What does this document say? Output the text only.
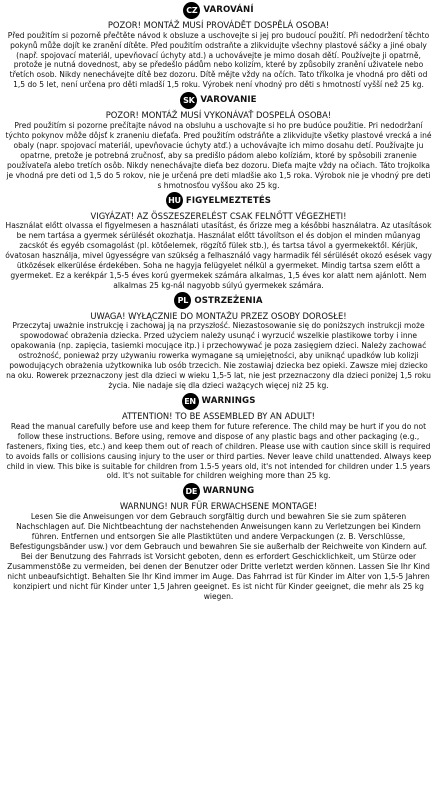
CZ VAROVÁNÍ
POZOR! MONTÁŽ MUSÍ PROVÁDĚT DOSPĚLÁ OSOBA!

Před použitím si pozorně přečtěte návod k obsluze a uschovejte si jej pro budoucí použití. Při nedodržení těchto pokynů může dojít ke zranění dítěte. Před použitím odstraňte a zlikvidujte všechny plastové sáčky a jiné obaly (např. spojovací materiál, upevňovací úchyty atd.) a uchovávejte je mimo dosah dětí. Používejte ji opatrně, protože je nutná dovednost, aby se předešlo pádům nebo kolizím, které by způsobily zranění uživatele nebo třetích osob. Nikdy nenechávejte dítě bez dozoru. Dítě mějte vždy na očích. Tato tříkolka je vhodná pro děti od 1,5 do 5 let, není určena pro děti mladší 1,5 roku. Výrobek není vhodný pro děti s hmotností vyšší než 25 kg.

SK VAROVANIE
POZOR! MONTÁŽ MUSÍ VYKONÁVAŤ DOSPELÁ OSOBA!

Pred použitím si pozorne prečítajte návod na obsluhu a uschovajte si ho pre budúce použitie. Pri nedodržaní týchto pokynov môže dôjsť k zraneniu dieťaťa. Pred použitím odstráňte a zlikvidujte všetky plastové vrecká a iné obaly (napr. spojovací materiál, upevňovacie úchyty atď.) a uchovávajte ich mimo dosahu detí. Používajte ju opatrne, pretože je potrebná zručnosť, aby sa predišlo pádom alebo kolíziám, ktoré by spôsobili zranenie používateľa alebo tretích osôb. Nikdy nenechávajte dieťa bez dozoru. Dieťa majte vždy na očiach. Táto trojkolka je vhodná pre deti od 1,5 do 5 rokov, nie je určená pre deti mladšie ako 1,5 roka. Výrobok nie je vhodný pre deti s hmotnosťou vyššou ako 25 kg.

HU FIGYELMEZTETÉS
VIGYÁZAT! AZ ÖSSZESZERELÉST CSAK FELNŐTT VÉGEZHETI!

Használat előtt olvassa el figyelmesen a használati utasítást, és őrizze meg a későbbi használatra. Az utasítások be nem tartása a gyermek sérülését okozhatja. Használat előtt távolítson el és dobjon el minden műanyag zacskót és egyéb csomagolást (pl. kötőelemek, rögzítő fülek stb.), és tartsa távol a gyermekektől. Kérjük, óvatosan használja, mivel ügyességre van szükség a felhasználó vagy harmadik fél sérülését okozó esések vagy ütközések elkerülése érdekében. Soha ne hagyja felügyelet nélkül a gyermeket. Mindig tartsa szem előtt a gyermeket. Ez a kerékpár 1,5-5 éves korú gyermekek számára alkalmas, 1,5 éves kor alatt nem ajánlott. Nem alkalmas 25 kg-nál nagyobb súlyú gyermekek számára.

PL OSTRZEŻENIA
UWAGA! WYŁĄCZNIE DO MONTAŻU PRZEZ OSOBY DOROSŁE!

Przeczytaj uważnie instrukcję i zachowaj ją na przyszłość. Niezastosowanie się do poniższych instrukcji może spowodować obrażenia dziecka. Przed użyciem należy usunąć i wyrzucić wszelkie plastikowe torby i inne opakowania (np. zapięcia, tasiemki mocujące itp.) i przechowywać je poza zasięgiem dzieci. Należy zachować ostrożność, ponieważ przy używaniu rowerka wymagane są umiejętności, aby uniknąć upadków lub kolizji powodujących obrażenia użytkownika lub osób trzecich. Nie zostawiaj dziecka bez opieki. Zawsze miej dziecko na oku. Rowerek przeznaczony jest dla dzieci w wieku 1,5-5 lat, nie jest przeznaczony dla dzieci poniżej 1,5 roku życia. Nie nadaje się dla dzieci ważących więcej niż 25 kg.

EN WARNINGS
ATTENTION! TO BE ASSEMBLED BY AN ADULT!

Read the manual carefully before use and keep them for future reference. The child may be hurt if you do not follow these instructions. Before using, remove and dispose of any plastic bags and other packaging (e.g., fasteners, fixing ties, etc.) and keep them out of reach of children. Please use with caution since skill is required to avoids falls or collisions causing injury to the user or third parties. Never leave child unattended. Always keep child in view. This bike is suitable for children from 1.5-5 years old, it's not intended for children under 1.5 years old. It's not suitable for children weighing more than 25 kg.

DE WARNUNG
WARNUNG! NUR FÜR ERWACHSENE MONTAGE!

Lesen Sie die Anweisungen vor dem Gebrauch sorgfältig durch und bewahren Sie sie zum späteren Nachschlagen auf. Die Nichtbeachtung der nachstehenden Anweisungen kann zu Verletzungen bei Kindern führen. Entfernen und entsorgen Sie alle Plastiktüten und andere Verpackungen (z. B. Verschlüsse, Befestigungsbänder usw.) vor dem Gebrauch und bewahren Sie sie außerhalb der Reichweite von Kindern auf. Bei der Benutzung des Fahrrads ist Vorsicht geboten, denn es erfordert Geschicklichkeit, um Stürze oder Zusammenstöße zu vermeiden, bei denen der Benutzer oder Dritte verletzt werden können. Lassen Sie Ihr Kind nicht unbeaufsichtigt. Behalten Sie Ihr Kind immer im Auge. Das Fahrrad ist für Kinder im Alter von 1,5-5 Jahren konzipiert und nicht für Kinder unter 1,5 Jahren geeignet. Es ist nicht für Kinder geeignet, die mehr als 25 kg wiegen.
